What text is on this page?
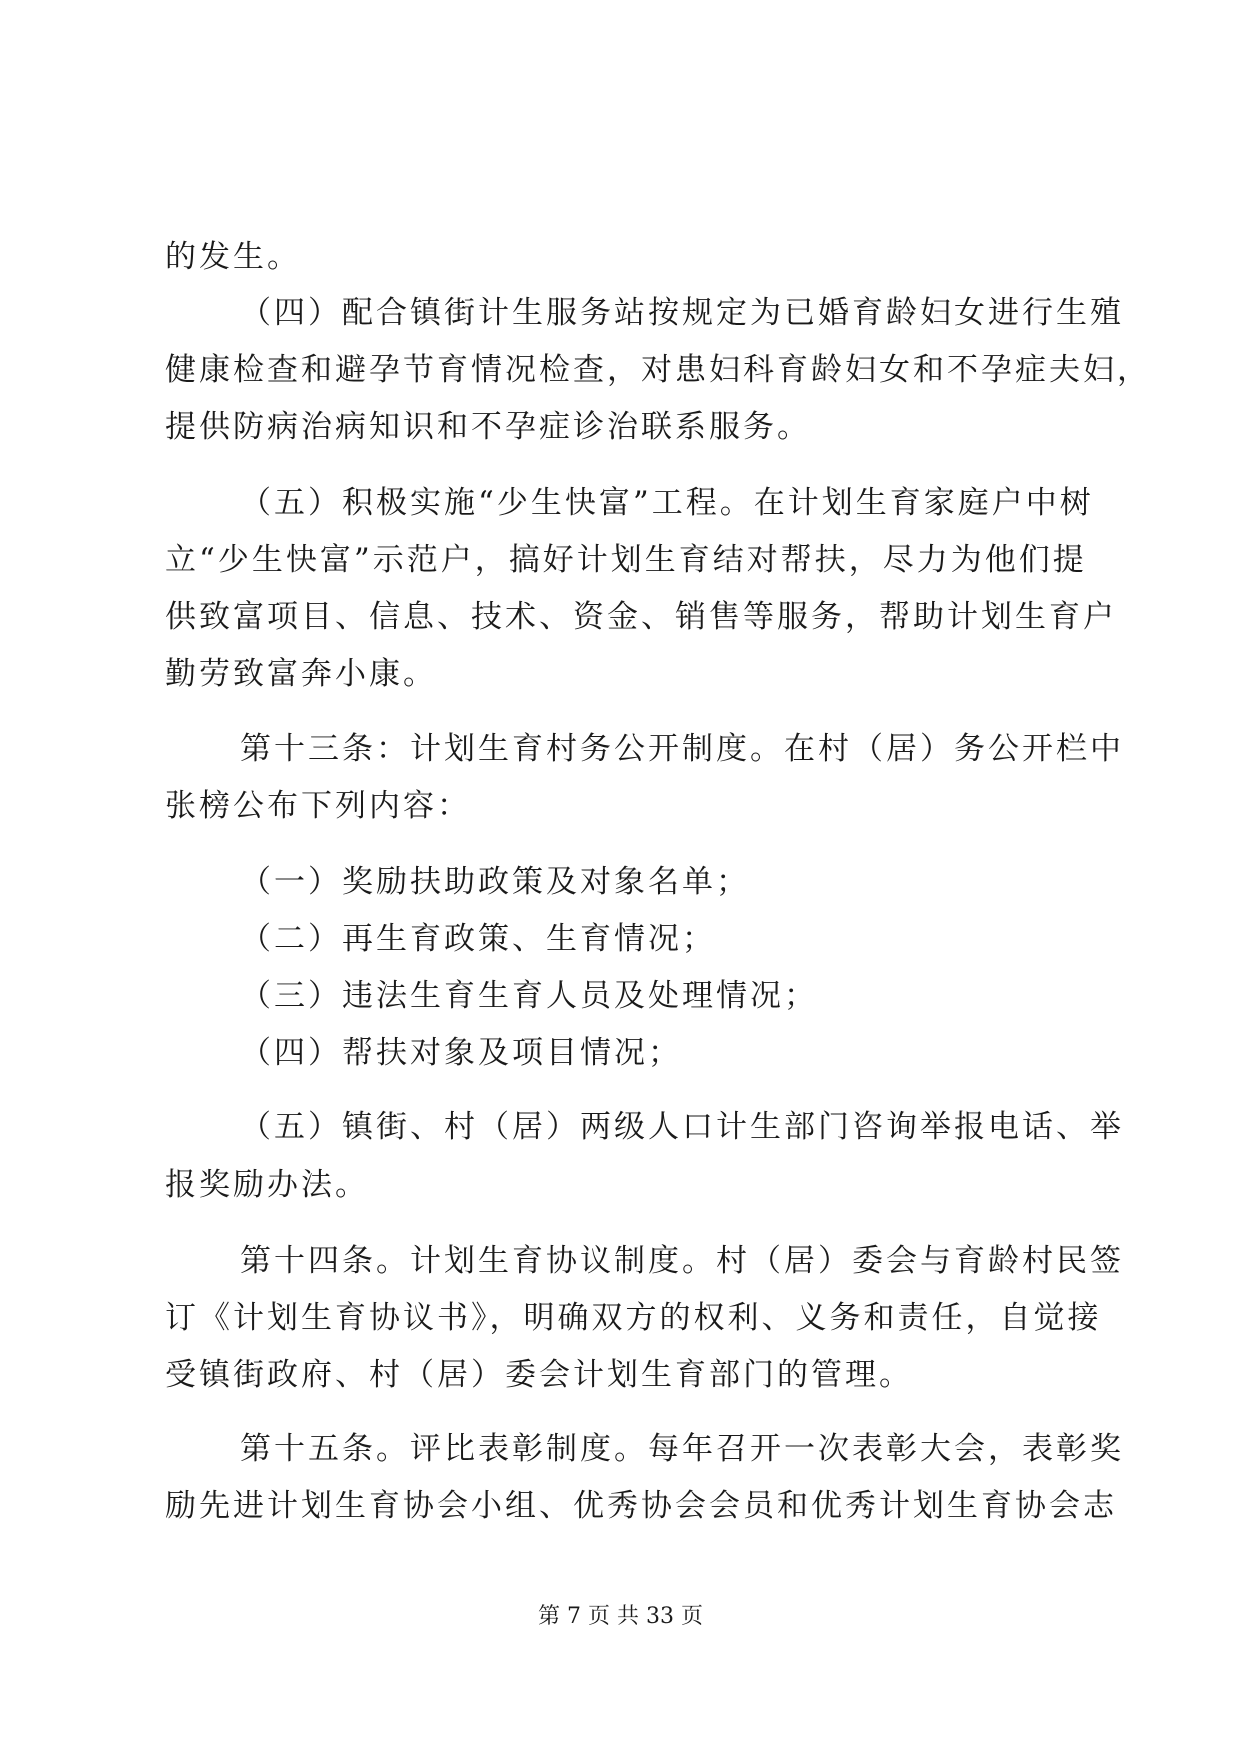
的发生。
（四）配合镇街计生服务站按规定为已婚育龄妇女进行生殖
健康检查和避孕节育情况检查，对患妇科育龄妇女和不孕症夫妇，
提供防病治病知识和不孕症诊治联系服务。
（五）积极实施“少生快富”工程。在计划生育家庭户中树
立“少生快富”示范户，搞好计划生育结对帮扶，尽力为他们提
供致富项目、信息、技术、资金、销售等服务，帮助计划生育户
勤劳致富奔小康。
第十三条：计划生育村务公开制度。在村（居）务公开栏中
张榜公布下列内容：
（一）奖励扶助政策及对象名单；
（二）再生育政策、生育情况；
（三）违法生育生育人员及处理情况；
（四）帮扶对象及项目情况；
（五）镇街、村（居）两级人口计生部门咨询举报电话、举
报奖励办法。
第十四条。计划生育协议制度。村（居）委会与育龄村民签
订《计划生育协议书》，明确双方的权利、义务和责任，自觉接
受镇街政府、村（居）委会计划生育部门的管理。
第十五条。评比表彰制度。每年召开一次表彰大会，表彰奖
励先进计划生育协会小组、优秀协会会员和优秀计划生育协会志
第 7 页 共 33 页
